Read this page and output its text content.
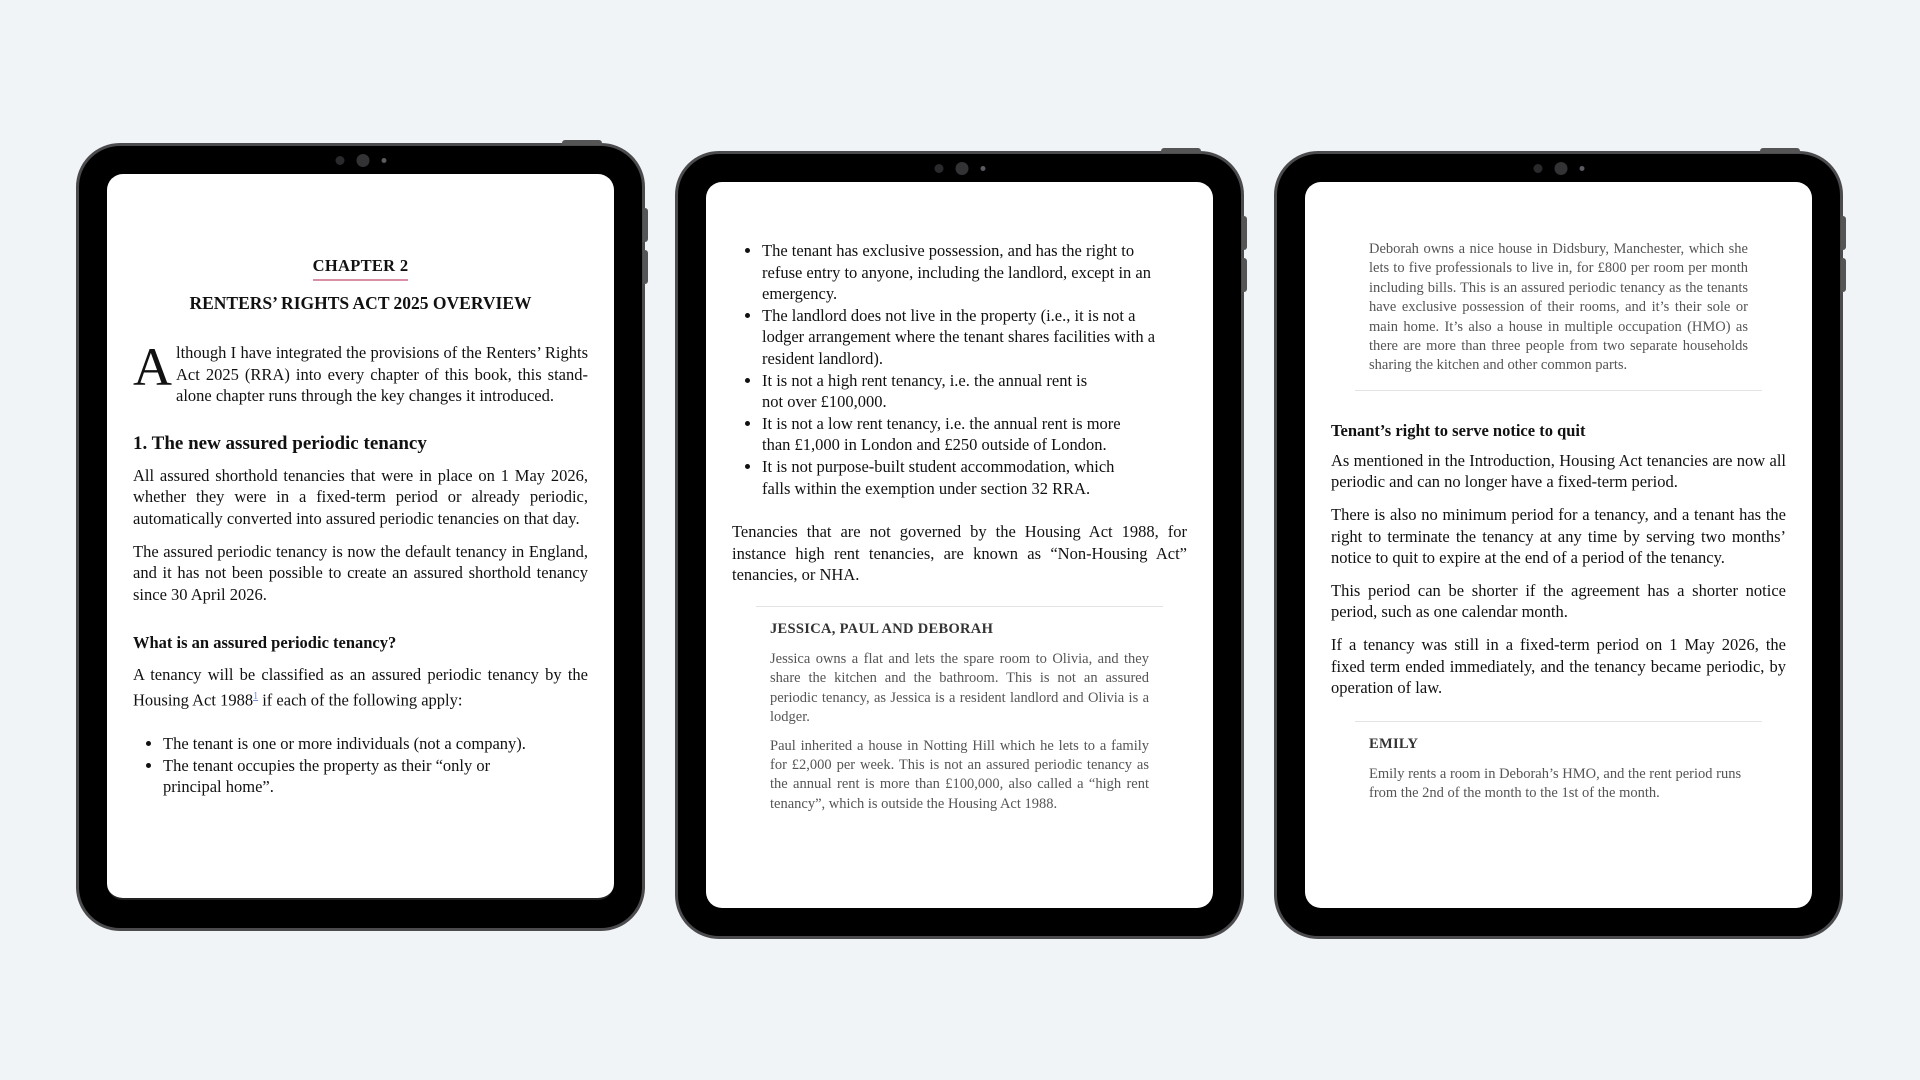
CHAPTER 2
RENTERS’ RIGHTS ACT 2025 OVERVIEW

Although I have integrated the provisions of the Renters’ Rights Act 2025 (RRA) into every chapter of this book, this stand-alone chapter runs through the key changes it introduced.

1. The new assured periodic tenancy

All assured shorthold tenancies that were in place on 1 May 2026, whether they were in a fixed-term period or already periodic, automatically converted into assured periodic tenancies on that day.

The assured periodic tenancy is now the default tenancy in England, and it has not been possible to create an assured shorthold tenancy since 30 April 2026.

What is an assured periodic tenancy?

A tenancy will be classified as an assured periodic tenancy by the Housing Act 1988$^1$ if each of the following apply:

• The tenant is one or more individuals (not a company).
• The tenant occupies the property as their “only or principal home”.
• The tenant has exclusive possession, and has the right to refuse entry to anyone, including the landlord, except in an emergency.
• The landlord does not live in the property (i.e., it is not a lodger arrangement where the tenant shares facilities with a resident landlord).
• It is not a high rent tenancy, i.e. the annual rent is not over £100,000.
• It is not a low rent tenancy, i.e. the annual rent is more than £1,000 in London and £250 outside of London.
• It is not purpose-built student accommodation, which falls within the exemption under section 32 RRA.

Tenancies that are not governed by the Housing Act 1988, for instance high rent tenancies, are known as “Non-Housing Act” tenancies, or NHA.

JESSICA, PAUL AND DEBORAH

Jessica owns a flat and lets the spare room to Olivia, and they share the kitchen and the bathroom. This is not an assured periodic tenancy, as Jessica is a resident landlord and Olivia is a lodger.

Paul inherited a house in Notting Hill which he lets to a family for £2,000 per week. This is not an assured periodic tenancy as the annual rent is more than £100,000, also called a “high rent tenancy”, which is outside the Housing Act 1988.

Deborah owns a nice house in Didsbury, Manchester, which she lets to five professionals to live in, for £800 per room per month including bills. This is an assured periodic tenancy as the tenants have exclusive possession of their rooms, and it’s their sole or main home. It’s also a house in multiple occupation (HMO) as there are more than three people from two separate households sharing the kitchen and other common parts.

Tenant’s right to serve notice to quit

As mentioned in the Introduction, Housing Act tenancies are now all periodic and can no longer have a fixed-term period.

There is also no minimum period for a tenancy, and a tenant has the right to terminate the tenancy at any time by serving two months’ notice to quit to expire at the end of a period of the tenancy.

This period can be shorter if the agreement has a shorter notice period, such as one calendar month.

If a tenancy was still in a fixed-term period on 1 May 2026, the fixed term ended immediately, and the tenancy became periodic, by operation of law.

EMILY

Emily rents a room in Deborah’s HMO, and the rent period runs from the 2nd of the month to the 1st of the month.
